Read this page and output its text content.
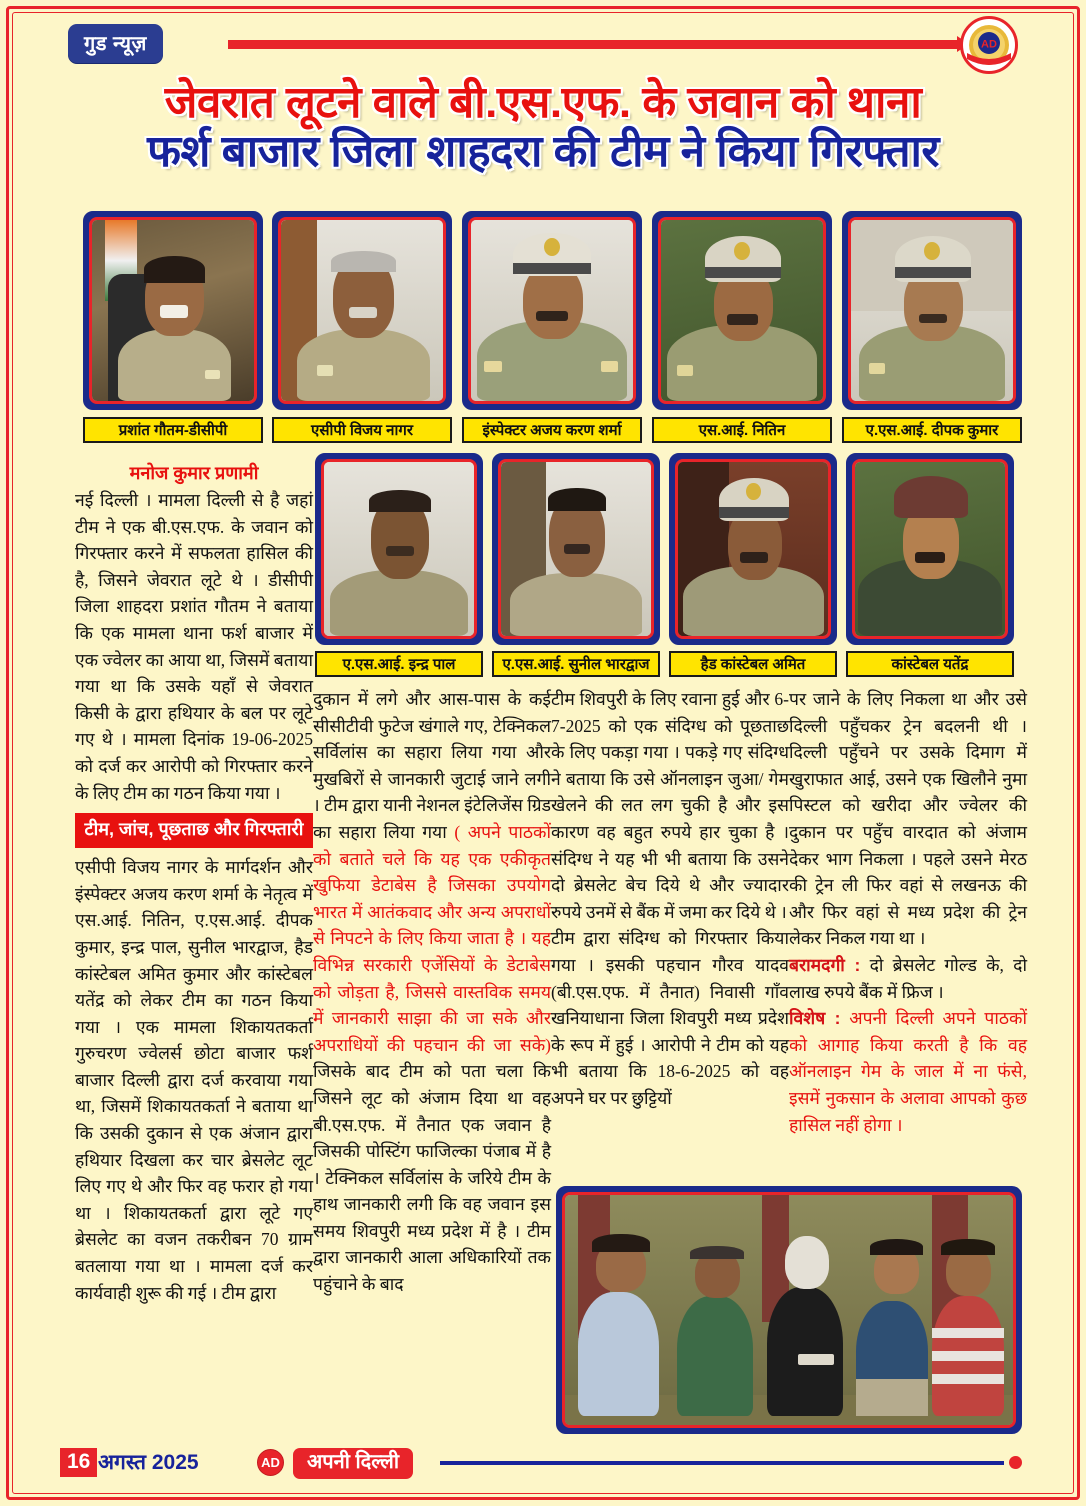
गुड न्यूज़	AD
जेवरात लूटने वाले बी.एस.एफ. के जवान को थाना
फर्श बाजार जिला शाहदरा की टीम ने किया गिरफ्तार
प्रशांत गौतम-डीसीपी	एसीपी विजय नागर	इंस्पेक्टर अजय करण शर्मा	एस.आई. नितिन	ए.एस.आई. दीपक कुमार
ए.एस.आई. इन्द्र पाल	ए.एस.आई. सुनील भारद्वाज	हैड कांस्टेबल अमित	कांस्टेबल यतेंद्र
मनोज कुमार प्रणामी

नई दिल्ली । मामला दिल्ली से है जहां टीम ने एक बी.एस.एफ. के जवान को गिरफ्तार करने में सफलता हासिल की है, जिसने जेवरात लूटे थे । डीसीपी जिला शाहदरा प्रशांत गौतम ने बताया कि एक मामला थाना फर्श बाजार में एक ज्वेलर का आया था, जिसमें बताया गया था कि उसके यहाँ से जेवरात किसी के द्वारा हथियार के बल पर लूटे गए थे । मामला दिनांक 19-06-2025 को दर्ज कर आरोपी को गिरफ्तार करने के लिए टीम का गठन किया गया ।

टीम, जांच, पूछताछ और गिरफ्तारी

एसीपी विजय नागर के मार्गदर्शन और इंस्पेक्टर अजय करण शर्मा के नेतृत्व में एस.आई. नितिन, ए.एस.आई. दीपक कुमार, इन्द्र पाल, सुनील भारद्वाज, हैड कांस्टेबल अमित कुमार और कांस्टेबल यतेंद्र को लेकर टीम का गठन किया गया । एक मामला शिकायतकर्ता गुरुचरण ज्वेलर्स छोटा बाजार फर्श बाजार दिल्ली द्वारा दर्ज करवाया गया था, जिसमें शिकायतकर्ता ने बताया था कि उसकी दुकान से एक अंजान द्वारा हथियार दिखला कर चार ब्रेसलेट लूट लिए गए थे और फिर वह फरार हो गया था । शिकायतकर्ता द्वारा लूटे गए ब्रेसलेट का वजन तकरीबन 70 ग्राम बतलाया गया था । मामला दर्ज कर कार्यवाही शुरू की गई । टीम द्वारा

दुकान में लगे और आस-पास के कई सीसीटीवी फुटेज खंगाले गए, टेक्निकल सर्विलांस का सहारा लिया गया और मुखबिरों से जानकारी जुटाई जाने लगी । टीम द्वारा यानी नेशनल इंटेलिजेंस ग्रिड का सहारा लिया गया ( अपने पाठकों को बताते चले कि यह एक एकीकृत खुफिया डेटाबेस है जिसका उपयोग भारत में आतंकवाद और अन्य अपराधों से निपटने के लिए किया जाता है । यह विभिन्न सरकारी एजेंसियों के डेटाबेस को जोड़ता है, जिससे वास्तविक समय में जानकारी साझा की जा सके और अपराधियों की पहचान की जा सके) जिसके बाद टीम को पता चला कि जिसने लूट को अंजाम दिया था वह बी.एस.एफ. में तैनात एक जवान है जिसकी पोस्टिंग फाजिल्का पंजाब में है । टेक्निकल सर्विलांस के जरिये टीम के हाथ जानकारी लगी कि वह जवान इस समय शिवपुरी मध्य प्रदेश में है । टीम द्वारा जानकारी आला अधिकारियों तक पहुंचाने के बाद

टीम शिवपुरी के लिए रवाना हुई और 6-7-2025 को एक संदिग्ध को पूछताछ के लिए पकड़ा गया । पकड़े गए संदिग्ध ने बताया कि उसे ऑनलाइन जुआ/ गेम खेलने की लत लग चुकी है और इस कारण वह बहुत रुपये हार चुका है । संदिग्ध ने यह भी भी बताया कि उसने दो ब्रेसलेट बेच दिये थे और ज्यादार रुपये उनमें से बैंक में जमा कर दिये थे ।

टीम द्वारा संदिग्ध को गिरफ्तार किया गया । इसकी पहचान गौरव यादव (बी.एस.एफ. में तैनात) निवासी गाँव खनियाधाना जिला शिवपुरी मध्य प्रदेश के रूप में हुई । आरोपी ने टीम को यह भी बताया कि 18-6-2025 को वह अपने घर पर छुट्टियों

पर जाने के लिए निकला था और उसे दिल्ली पहुँचकर ट्रेन बदलनी थी । दिल्ली पहुँचने पर उसके दिमाग में खुराफात आई, उसने एक खिलौने नुमा पिस्टल को खरीदा और ज्वेलर की दुकान पर पहुँच वारदात को अंजाम देकर भाग निकला । पहले उसने मेरठ की ट्रेन ली फिर वहां से लखनऊ की और फिर वहां से मध्य प्रदेश की ट्रेन लेकर निकल गया था ।

बरामदगी : दो ब्रेसलेट गोल्ड के, दो लाख रुपये बैंक में फ्रिज ।

विशेष : अपनी दिल्ली अपने पाठकों को आगाह किया करती है कि वह ऑनलाइन गेम के जाल में ना फंसे, इसमें नुकसान के अलावा आपको कुछ हासिल नहीं होगा ।

16 अगस्त 2025	AD	अपनी दिल्ली
